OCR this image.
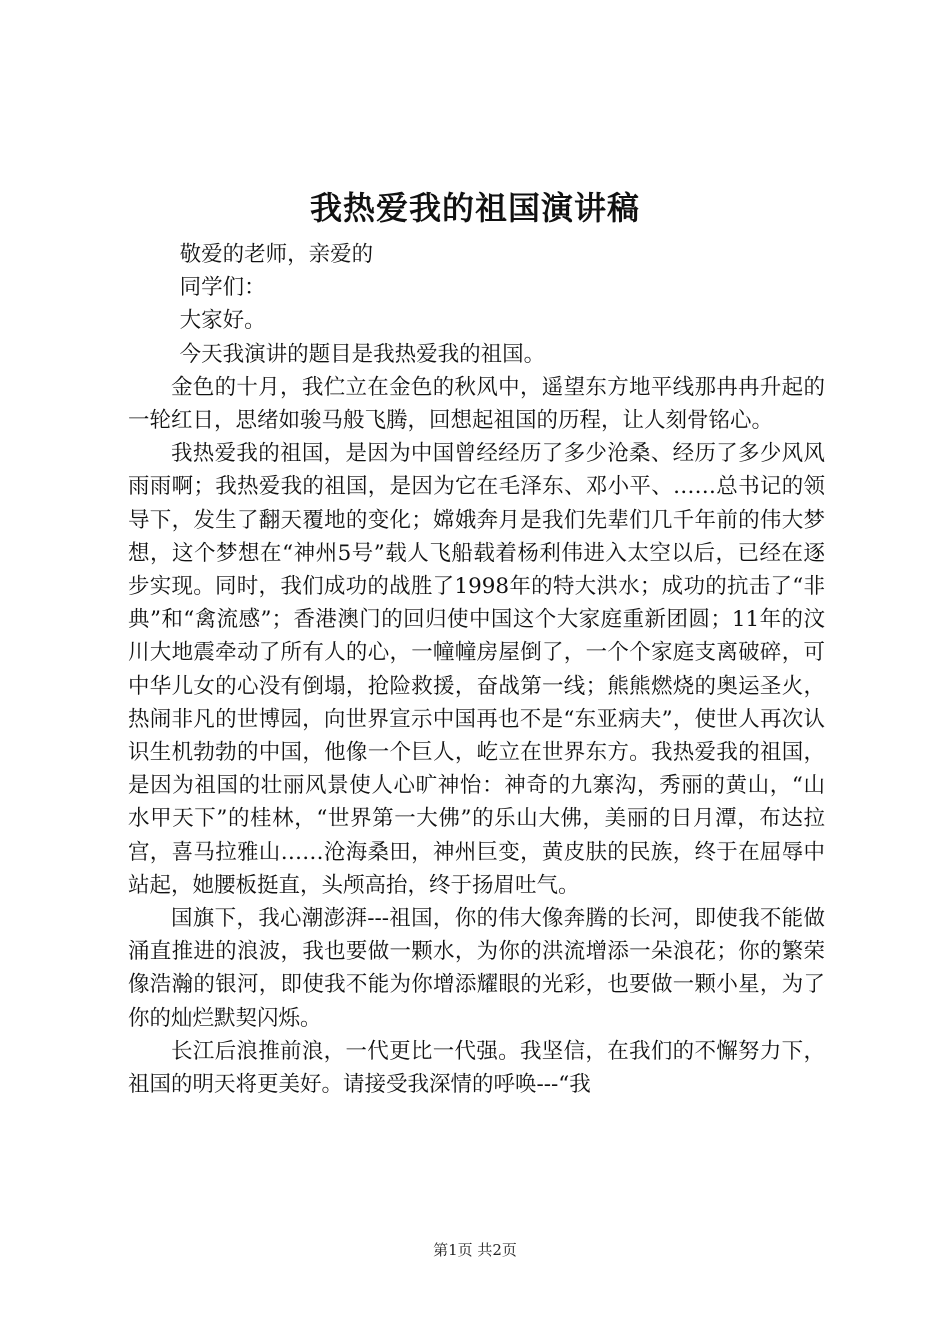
我热爱我的祖国演讲稿

敬爱的老师，亲爱的

同学们：

大家好。

今天我演讲的题目是我热爱我的祖国。

金色的十月，我伫立在金色的秋风中，遥望东方地平线那冉冉升起的一轮红日，思绪如骏马般飞腾，回想起祖国的历程，让人刻骨铭心。

我热爱我的祖国，是因为中国曾经经历了多少沧桑、经历了多少风风雨雨啊；我热爱我的祖国，是因为它在毛泽东、邓小平、……总书记的领导下，发生了翻天覆地的变化；嫦娥奔月是我们先辈们几千年前的伟大梦想，这个梦想在“神州5号”载人飞船载着杨利伟进入太空以后，已经在逐步实现。同时，我们成功的战胜了1998年的特大洪水；成功的抗击了“非典”和“禽流感”；香港澳门的回归使中国这个大家庭重新团圆；11年的汶川大地震牵动了所有人的心，一幢幢房屋倒了，一个个家庭支离破碎，可中华儿女的心没有倒塌，抢险救援，奋战第一线；熊熊燃烧的奥运圣火，热闹非凡的世博园，向世界宣示中国再也不是“东亚病夫”，使世人再次认识生机勃勃的中国，他像一个巨人，屹立在世界东方。我热爱我的祖国，是因为祖国的壮丽风景使人心旷神怡：神奇的九寨沟，秀丽的黄山，“山水甲天下”的桂林，“世界第一大佛”的乐山大佛，美丽的日月潭，布达拉宫，喜马拉雅山……沧海桑田，神州巨变，黄皮肤的民族，终于在屈辱中站起，她腰板挺直，头颅高抬，终于扬眉吐气。

国旗下，我心潮澎湃---祖国，你的伟大像奔腾的长河，即使我不能做涌直推进的浪波，我也要做一颗水，为你的洪流增添一朵浪花；你的繁荣像浩瀚的银河，即使我不能为你增添耀眼的光彩，也要做一颗小星，为了你的灿烂默契闪烁。

长江后浪推前浪，一代更比一代强。我坚信，在我们的不懈努力下，祖国的明天将更美好。请接受我深情的呼唤---“我

第1页 共2页
